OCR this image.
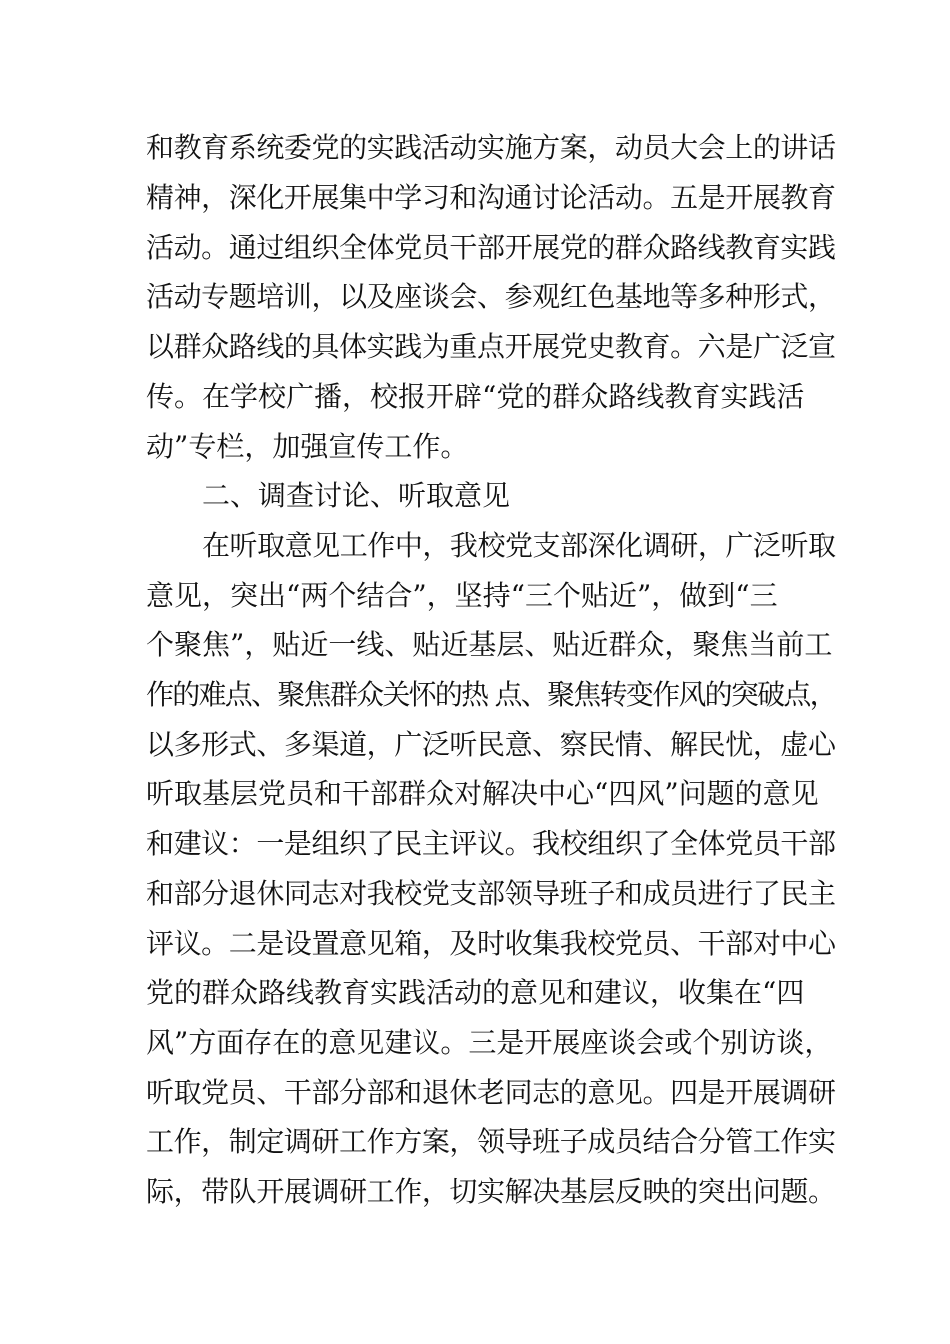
和教育系统委党的实践活动实施方案，动员大会上的讲话
精神，深化开展集中学习和沟通讨论活动。五是开展教育
活动。通过组织全体党员干部开展党的群众路线教育实践
活动专题培训，以及座谈会、参观红色基地等多种形式，
以群众路线的具体实践为重点开展党史教育。六是广泛宣
传。在学校广播，校报开辟“党的群众路线教育实践活
动”专栏，加强宣传工作。
二、调查讨论、听取意见
在听取意见工作中，我校党支部深化调研，广泛听取
意见，突出“两个结合”，坚持“三个贴近”，做到“三
个聚焦”，贴近一线、贴近基层、贴近群众，聚焦当前工
作的难点、聚焦群众关怀的热 点、聚焦转变作风的突破点，
以多形式、多渠道，广泛听民意、察民情、解民忧，虚心
听取基层党员和干部群众对解决中心“四风”问题的意见
和建议：一是组织了民主评议。我校组织了全体党员干部
和部分退休同志对我校党支部领导班子和成员进行了民主
评议。二是设置意见箱，及时收集我校党员、干部对中心
党的群众路线教育实践活动的意见和建议，收集在“四
风”方面存在的意见建议。三是开展座谈会或个别访谈，
听取党员、干部分部和退休老同志的意见。四是开展调研
工作，制定调研工作方案，领导班子成员结合分管工作实
际，带队开展调研工作，切实解决基层反映的突出问题。
